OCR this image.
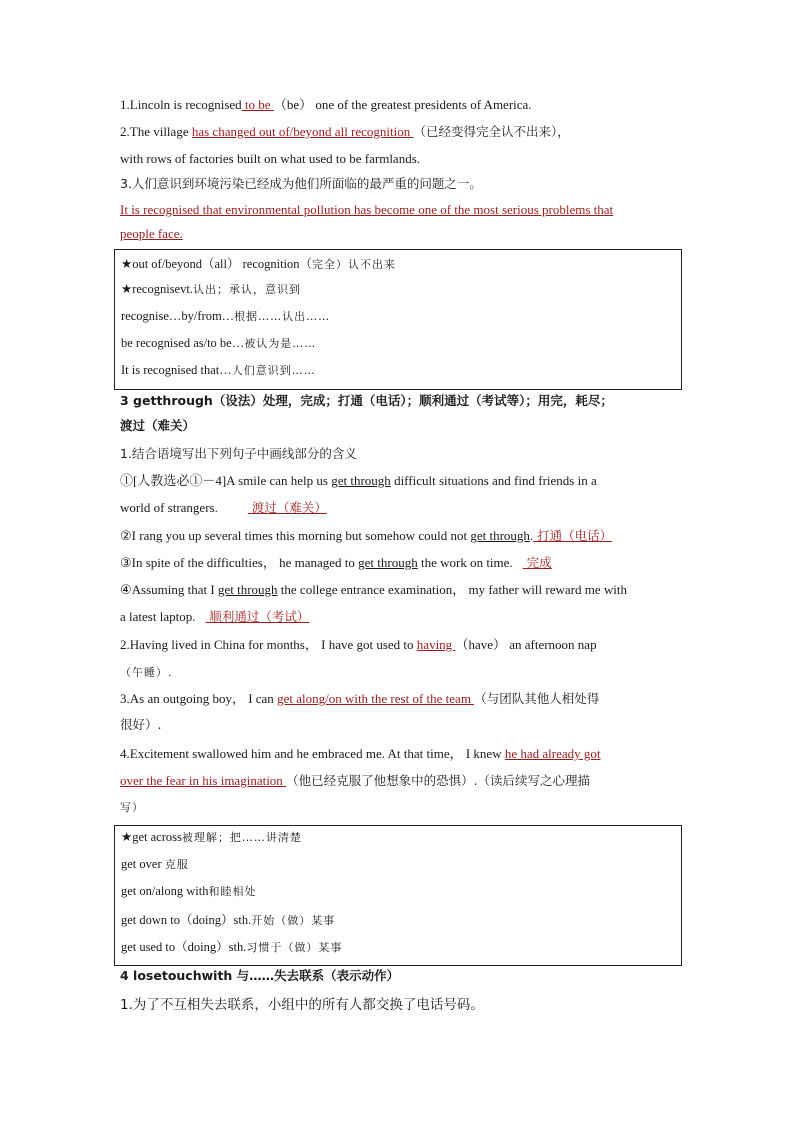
1.Lincoln is recognised to be （be） one of the greatest presidents of America.
2.The village has changed out of/beyond all recognition （已经变得完全认不出来），
with rows of factories built on what used to be farmlands.
3.人们意识到环境污染已经成为他们所面临的最严重的问题之一。
It is recognised that environmental pollution has become one of the most serious problems that
people face.
★out of/beyond（all） recognition（完全）认不出来
★recognisevt.认出；承认，意识到
recognise…by/from…根据……认出……
be recognised as/to be…被认为是……
It is recognised that…人们意识到……
3 getthrough（设法）处理，完成；打通（电话）；顺利通过（考试等）；用完，耗尽；
渡过（难关）
1.结合语境写出下列句子中画线部分的含义
①[人教选必①－4]A smile can help us get through difficult situations and find friends in a
world of strangers. 渡过（难关）
②I rang you up several times this morning but somehow could not get through. 打通（电话）
③In spite of the difficulties， he managed to get through the work on time. 完成
④Assuming that I get through the college entrance examination， my father will reward me with
a latest laptop. 顺利通过（考试）
2.Having lived in China for months， I have got used to having （have） an afternoon nap
（午睡）.
3.As an outgoing boy， I can get along/on with the rest of the team （与团队其他人相处得
很好）.
4.Excitement swallowed him and he embraced me. At that time， I knew he had already got
over the fear in his imagination （他已经克服了他想象中的恐惧）.（读后续写之心理描
写）
★get across被理解；把……讲清楚
get over 克服
get on/along with和睦相处
get down to（doing）sth.开始（做）某事
get used to（doing）sth.习惯于（做）某事
4 losetouchwith 与……失去联系（表示动作）
1.为了不互相失去联系，小组中的所有人都交换了电话号码。
